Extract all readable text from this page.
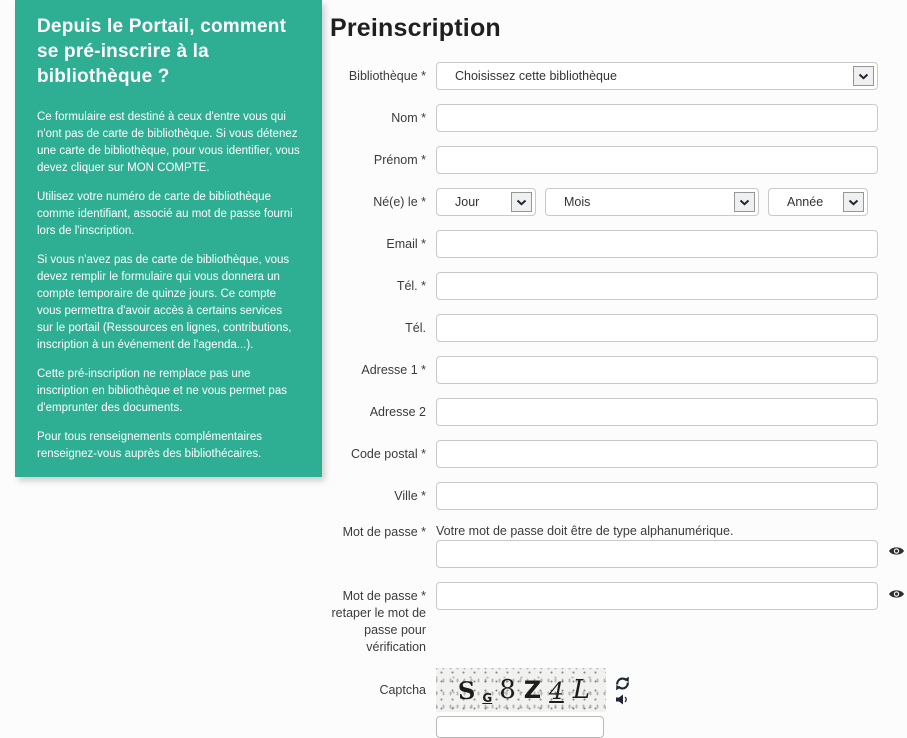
Depuis le Portail, comment se pré-inscrire à la bibliothèque ?

Ce formulaire est destiné à ceux d'entre vous qui n'ont pas de carte de bibliothèque. Si vous détenez une carte de bibliothèque, pour vous identifier, vous devez cliquer sur MON COMPTE.

Utilisez votre numéro de carte de bibliothèque comme identifiant, associé au mot de passe fourni lors de l'inscription.

Si vous n'avez pas de carte de bibliothèque, vous devez remplir le formulaire qui vous donnera un compte temporaire de quinze jours. Ce compte vous permettra d'avoir accès à certains services sur le portail (Ressources en lignes, contributions, inscription à un événement de l'agenda...).

Cette pré-inscription ne remplace pas une inscription en bibliothèque et ne vous permet pas d'emprunter des documents.

Pour tous renseignements complémentaires renseignez-vous auprès des bibliothécaires.

Preinscription
Bibliothèque *	Choisissez cette bibliothèque
Nom *
Prénom *
Né(e) le *	Jour	Mois	Année
Email *
Tél. *
Tél.
Adresse 1 *
Adresse 2
Code postal *
Ville *
Mot de passe * Votre mot de passe doit être de type alphanumérique.
Mot de passe *
retaper le mot de
passe pour
vérification
Captcha	S G 8 Z 4 L
